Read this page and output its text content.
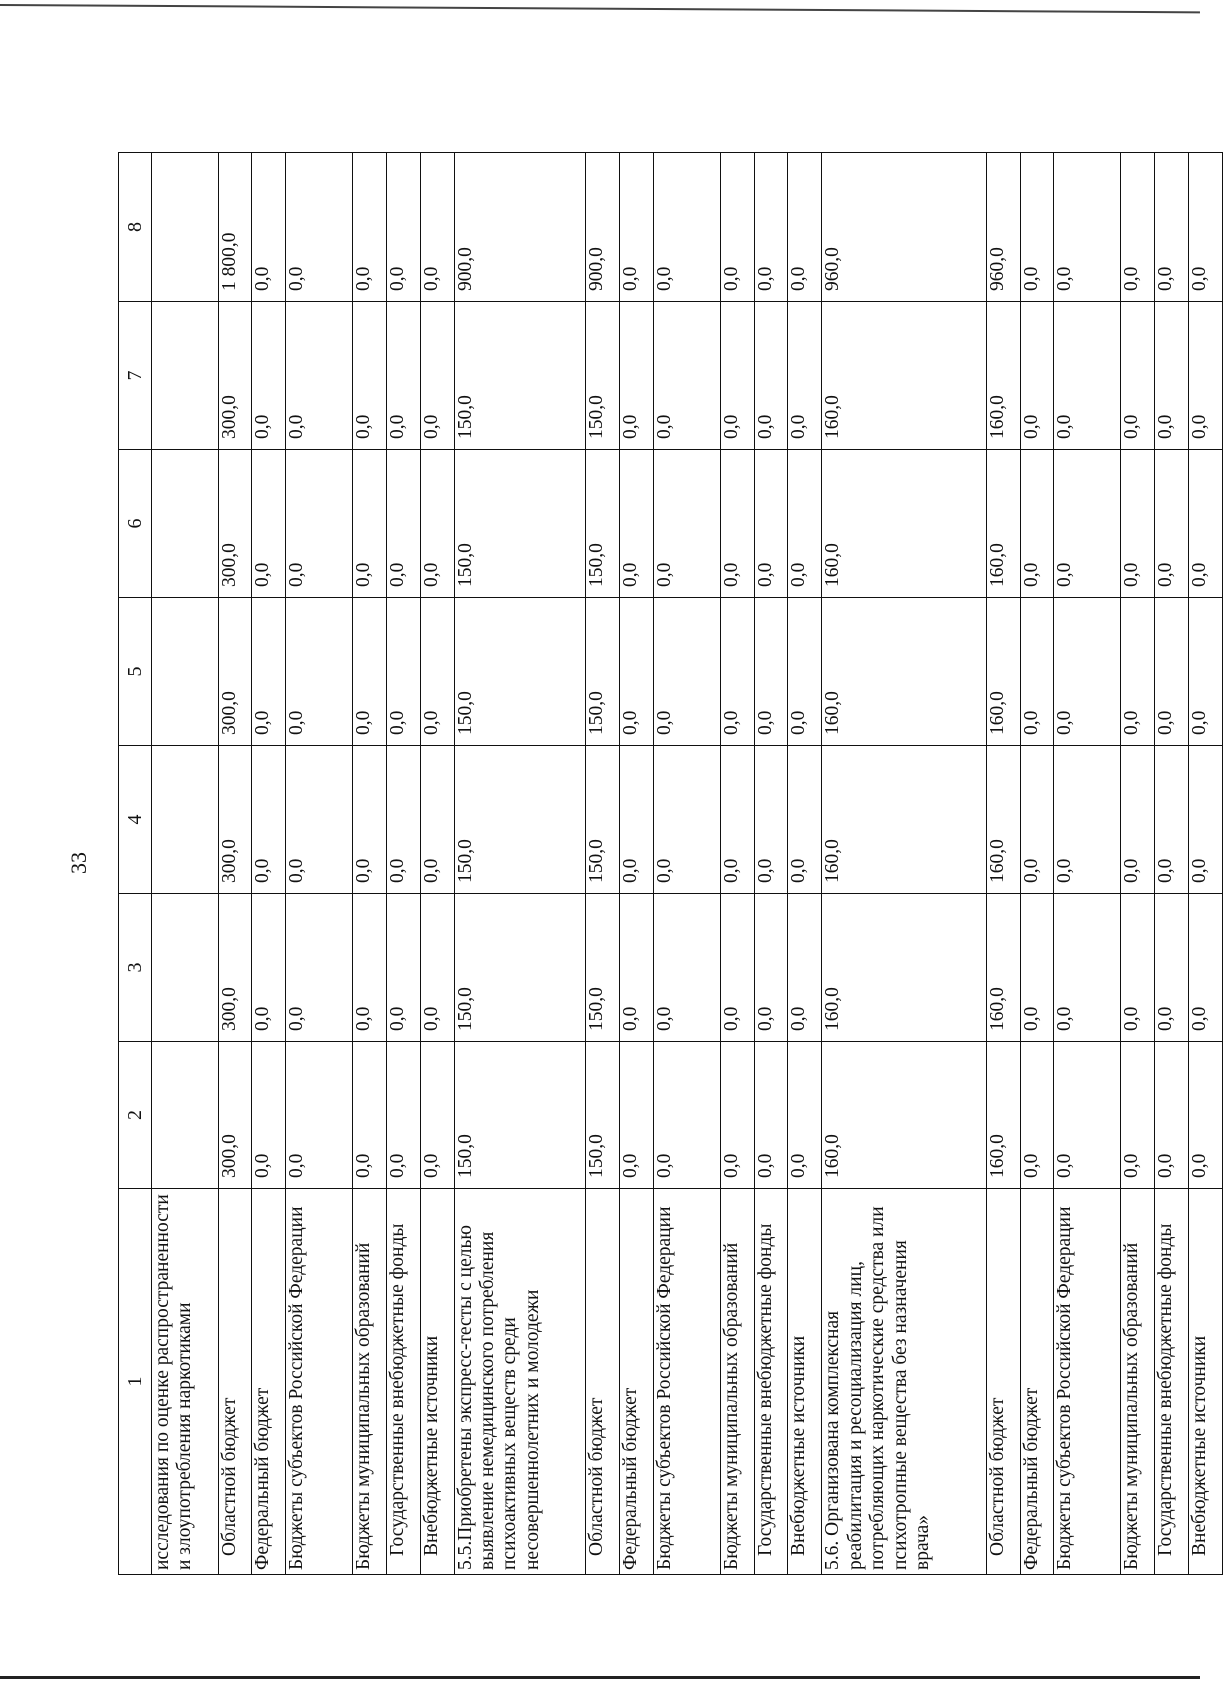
33
1	2	3	4	5	6	7	8
исследования по оценке распространенности и злоупотребления наркотиками							
Областной бюджет	300,0	300,0	300,0	300,0	300,0	300,0	1 800,0
Федеральный бюджет	0,0	0,0	0,0	0,0	0,0	0,0	0,0
Бюджеты субъектов Российской Федерации	0,0	0,0	0,0	0,0	0,0	0,0	0,0
Бюджеты муниципальных образований	0,0	0,0	0,0	0,0	0,0	0,0	0,0
Государственные внебюджетные фонды	0,0	0,0	0,0	0,0	0,0	0,0	0,0
Внебюджетные источники	0,0	0,0	0,0	0,0	0,0	0,0	0,0
5.5.Приобретены экспресс-тесты с целью выявление немедицинского потребления психоактивных веществ среди несовершеннолетних и молодежи	150,0	150,0	150,0	150,0	150,0	150,0	900,0
Областной бюджет	150,0	150,0	150,0	150,0	150,0	150,0	900,0
Федеральный бюджет	0,0	0,0	0,0	0,0	0,0	0,0	0,0
Бюджеты субъектов Российской Федерации	0,0	0,0	0,0	0,0	0,0	0,0	0,0
Бюджеты муниципальных образований	0,0	0,0	0,0	0,0	0,0	0,0	0,0
Государственные внебюджетные фонды	0,0	0,0	0,0	0,0	0,0	0,0	0,0
Внебюджетные источники	0,0	0,0	0,0	0,0	0,0	0,0	0,0
5.6. Организована комплексная реабилитация и ресоциализация лиц, потребляющих наркотические средства или психотропные вещества без назначения врача»	160,0	160,0	160,0	160,0	160,0	160,0	960,0
Областной бюджет	160,0	160,0	160,0	160,0	160,0	160,0	960,0
Федеральный бюджет	0,0	0,0	0,0	0,0	0,0	0,0	0,0
Бюджеты субъектов Российской Федерации	0,0	0,0	0,0	0,0	0,0	0,0	0,0
Бюджеты муниципальных образований	0,0	0,0	0,0	0,0	0,0	0,0	0,0
Государственные внебюджетные фонды	0,0	0,0	0,0	0,0	0,0	0,0	0,0
Внебюджетные источники	0,0	0,0	0,0	0,0	0,0	0,0	0,0
